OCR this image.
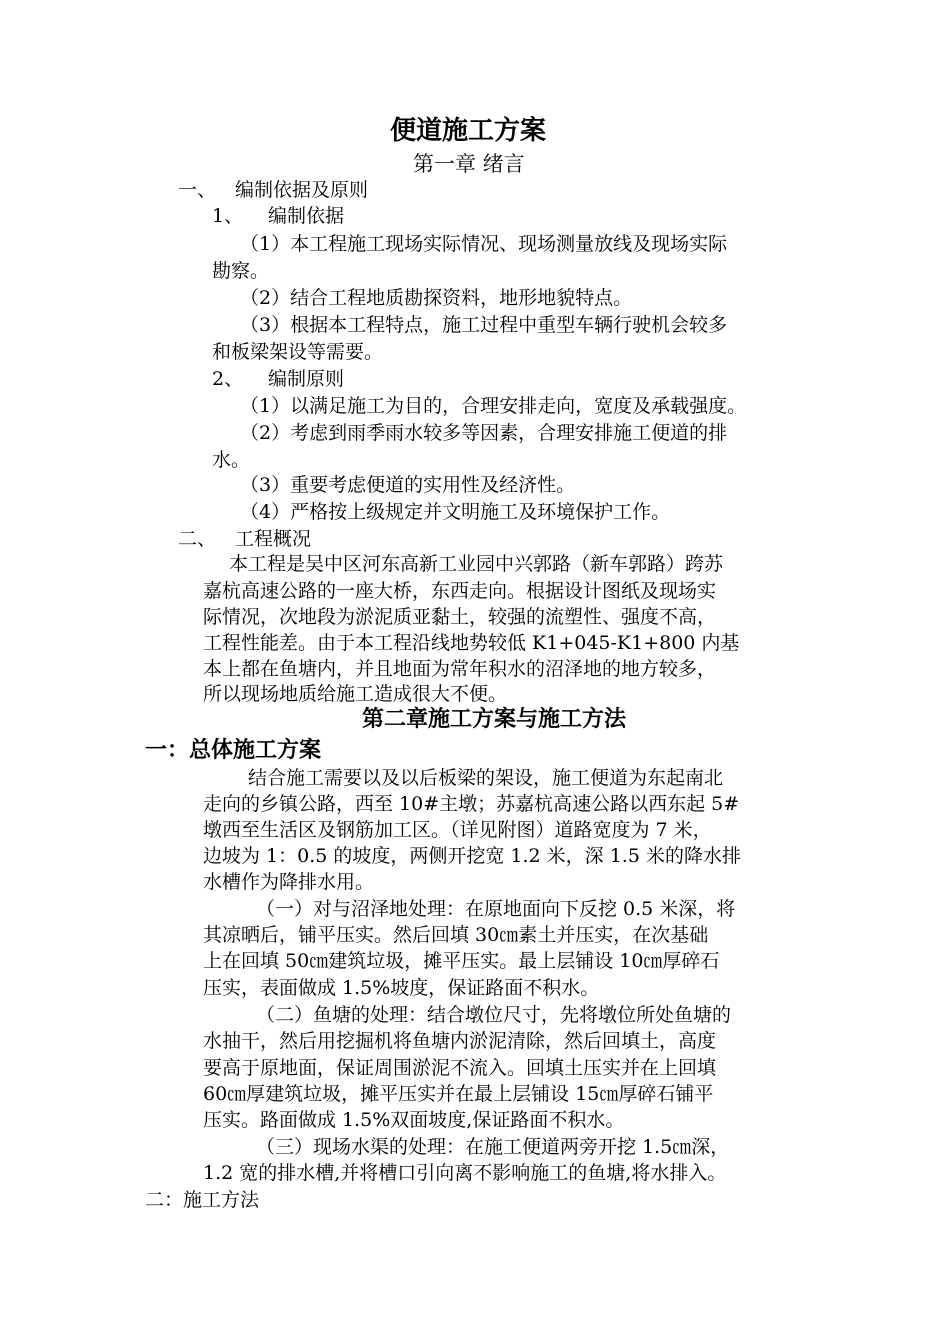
便道施工方案
第一章 绪言
一、 编制依据及原则
1、 编制依据
（1）本工程施工现场实际情况、现场测量放线及现场实际
勘察。
（2）结合工程地质勘探资料，地形地貌特点。
（3）根据本工程特点，施工过程中重型车辆行驶机会较多
和板梁架设等需要。
2、 编制原则
（1）以满足施工为目的，合理安排走向，宽度及承载强度。
（2）考虑到雨季雨水较多等因素，合理安排施工便道的排
水。
（3）重要考虑便道的实用性及经济性。
（4）严格按上级规定并文明施工及环境保护工作。
二、 工程概况
本工程是吴中区河东高新工业园中兴郭路（新车郭路）跨苏
嘉杭高速公路的一座大桥，东西走向。根据设计图纸及现场实
际情况，次地段为淤泥质亚黏土，较强的流塑性、强度不高，
工程性能差。由于本工程沿线地势较低 K1+045-K1+800 内基
本上都在鱼塘内，并且地面为常年积水的沼泽地的地方较多，
所以现场地质给施工造成很大不便。
第二章施工方案与施工方法
一：总体施工方案
结合施工需要以及以后板梁的架设，施工便道为东起南北
走向的乡镇公路，西至 10#主墩；苏嘉杭高速公路以西东起 5#
墩西至生活区及钢筋加工区。（详见附图）道路宽度为 7 米，
边坡为 1：0.5 的坡度，两侧开挖宽 1.2 米，深 1.5 米的降水排
水槽作为降排水用。
（一）对与沼泽地处理：在原地面向下反挖 0.5 米深，将
其凉晒后，铺平压实。然后回填 30㎝素土并压实，在次基础
上在回填 50㎝建筑垃圾，摊平压实。最上层铺设 10㎝厚碎石
压实，表面做成 1.5%坡度，保证路面不积水。
（二）鱼塘的处理：结合墩位尺寸，先将墩位所处鱼塘的
水抽干，然后用挖掘机将鱼塘内淤泥清除，然后回填土，高度
要高于原地面，保证周围淤泥不流入。回填土压实并在上回填
60㎝厚建筑垃圾，摊平压实并在最上层铺设 15㎝厚碎石铺平
压实。路面做成 1.5%双面坡度,保证路面不积水。
（三）现场水渠的处理：在施工便道两旁开挖 1.5㎝深，
1.2 宽的排水槽,并将槽口引向离不影响施工的鱼塘,将水排入。
二：施工方法
